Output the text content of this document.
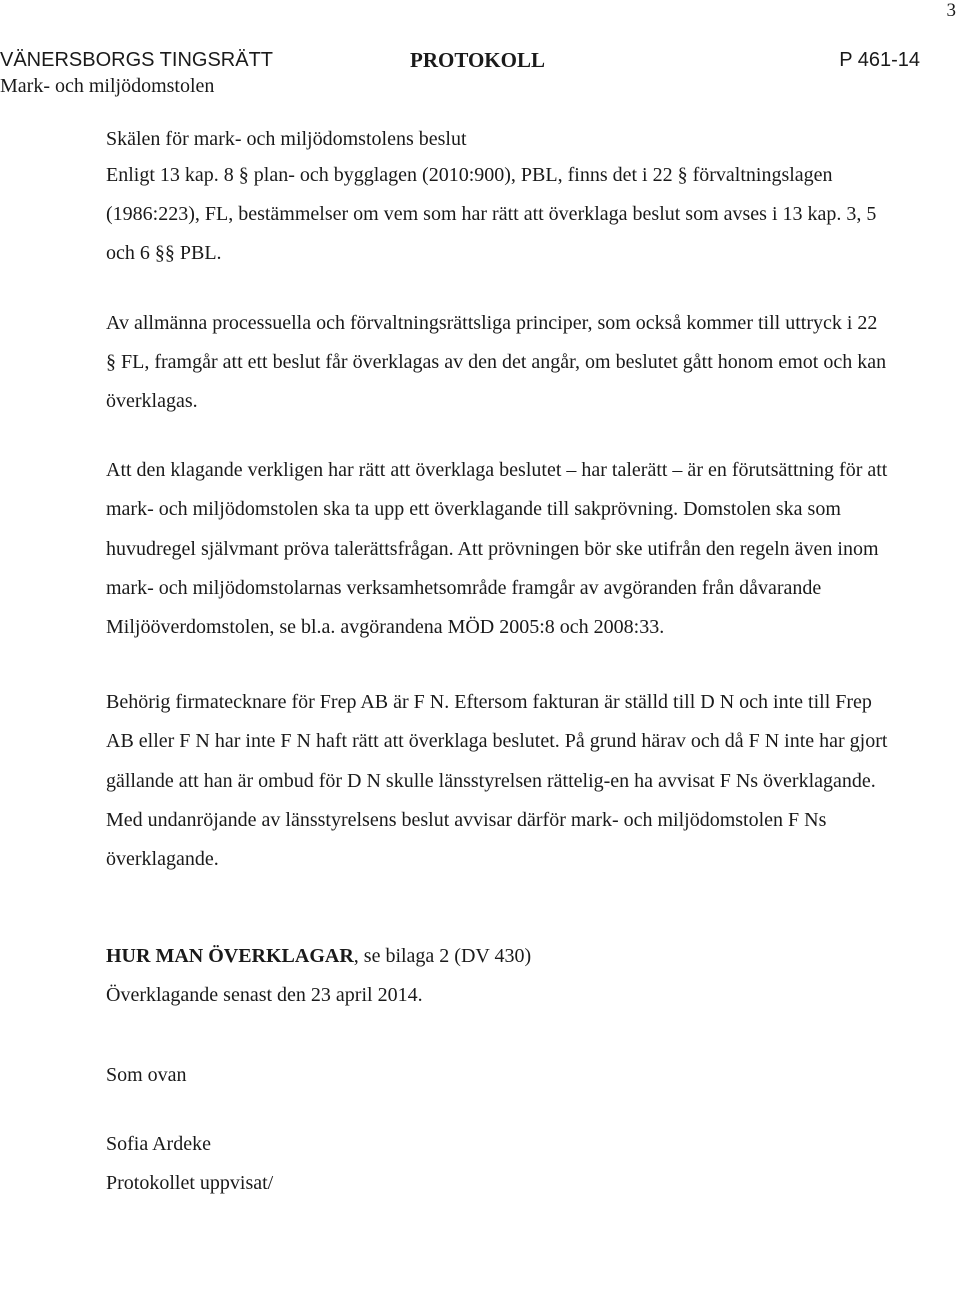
3
VÄNERSBORGS TINGSRÄTT
Mark- och miljödomstolen
PROTOKOLL	P 461-14

Skälen för mark- och miljödomstolens beslut

Enligt 13 kap. 8 § plan- och bygglagen (2010:900), PBL, finns det i 22 § förvaltningslagen (1986:223), FL, bestämmelser om vem som har rätt att överklaga beslut som avses i 13 kap. 3, 5 och 6 §§ PBL.

Av allmänna processuella och förvaltningsrättsliga principer, som också kommer till uttryck i 22 § FL, framgår att ett beslut får överklagas av den det angår, om beslutet gått honom emot och kan överklagas.

Att den klagande verkligen har rätt att överklaga beslutet – har talerätt – är en förutsättning för att mark- och miljödomstolen ska ta upp ett överklagande till sakprövning. Domstolen ska som huvudregel självmant pröva talerättsfrågan. Att prövningen bör ske utifrån den regeln även inom mark- och miljödomstolarnas verksamhetsområde framgår av avgöranden från dåvarande Miljööverdomstolen, se bl.a. avgörandena MÖD 2005:8 och 2008:33.

Behörig firmatecknare för Frep AB är F N. Eftersom fakturan är ställd till D N och inte till Frep AB eller F N har inte F N haft rätt att överklaga beslutet. På grund härav och då F N inte har gjort gällande att han är ombud för D N skulle länsstyrelsen rättelig-en ha avvisat F Ns överklagande. Med undanröjande av länsstyrelsens beslut avvisar därför mark- och miljödomstolen F Ns överklagande.

HUR MAN ÖVERKLAGAR, se bilaga 2 (DV 430)

Överklagande senast den 23 april 2014.

Som ovan

Sofia Ardeke

Protokollet uppvisat/
